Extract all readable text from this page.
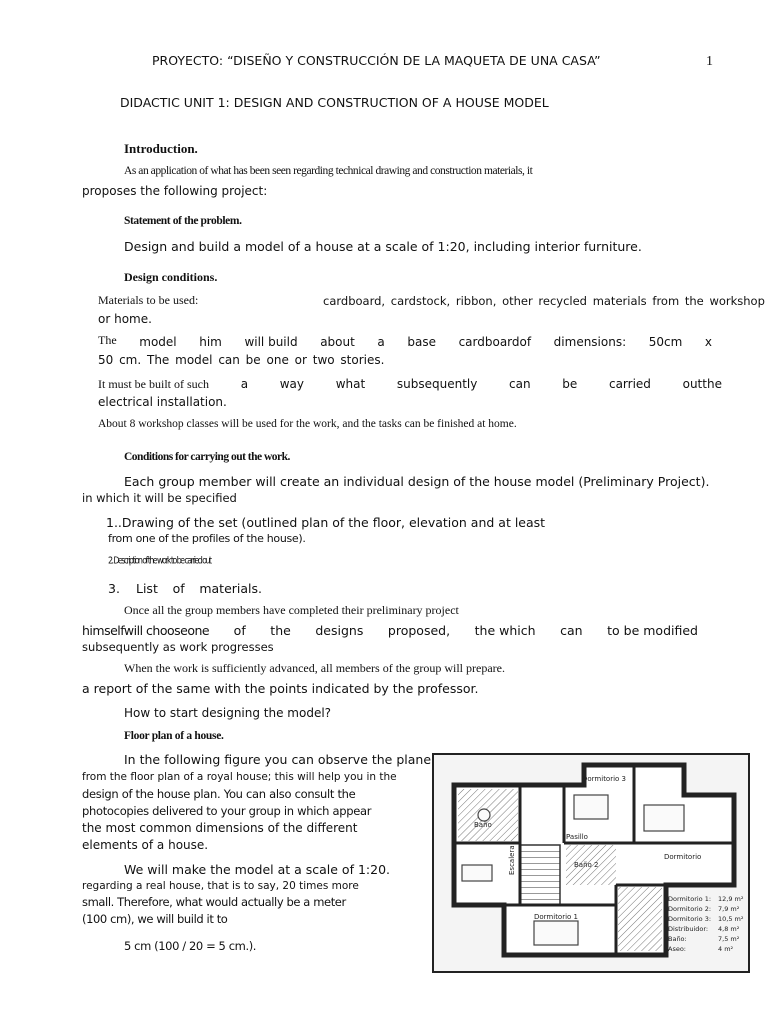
PROYECTO: “DISEÑO Y CONSTRUCCIÓN DE LA MAQUETA DE UNA CASA”	1
DIDACTIC UNIT 1: DESIGN AND CONSTRUCTION OF A HOUSE MODEL
Introduction.
As an application of what has been seen regarding technical drawing and construction materials, it
proposes the following project:
Statement of the problem.
Design and build a model of a house at a scale of 1:20, including interior furniture.
Design conditions.
Materials to be used:	cardboard, cardstock, ribbon, other recycled materials from the workshop
or home.
The model him will build about a base cardboardof dimensions: 50cm x
50 cm. The model can be one or two stories.
It must be built of such	a	way	what	subsequently	can	be	carried	outthe
electrical installation.
About 8 workshop classes will be used for the work, and the tasks can be finished at home.
Conditions for carrying out the work.
Each group member will create an individual design of the house model (Preliminary Project).
in which it will be specified
1..Drawing of the set (outlined plan of the floor, elevation and at least
from one of the profiles of the house).
2. Description of the work to be carried out
3. List of materials.
Once all the group members have completed their preliminary project
himselfwill chooseone of the designs proposed, the which can to be modified
subsequently as work progresses
When the work is sufficiently advanced, all members of the group will prepare.
a report of the same with the points indicated by the professor.
How to start designing the model?
Floor plan of a house.
In the following figure you can observe the plane
from the floor plan of a royal house; this will help you in the
design of the house plan. You can also consult the
photocopies delivered to your group in which appear
the most common dimensions of the different
elements of a house.
We will make the model at a scale of 1:20.
regarding a real house, that is to say, 20 times more
small. Therefore, what would actually be a meter
(100 cm), we will build it to
5 cm (100 / 20 = 5 cm.).
Dormitorio 3
Dormitorio
Baño
Pasillo
Escalera
Dormitorio 1
Baño 2
Dormitorio 1: 12,9 m²
Dormitorio 2: 7,9 m²
Dormitorio 3: 10,5 m²
Distribuidor: 4,8 m²
Baño:	7,5 m²
Aseo:	4 m²
